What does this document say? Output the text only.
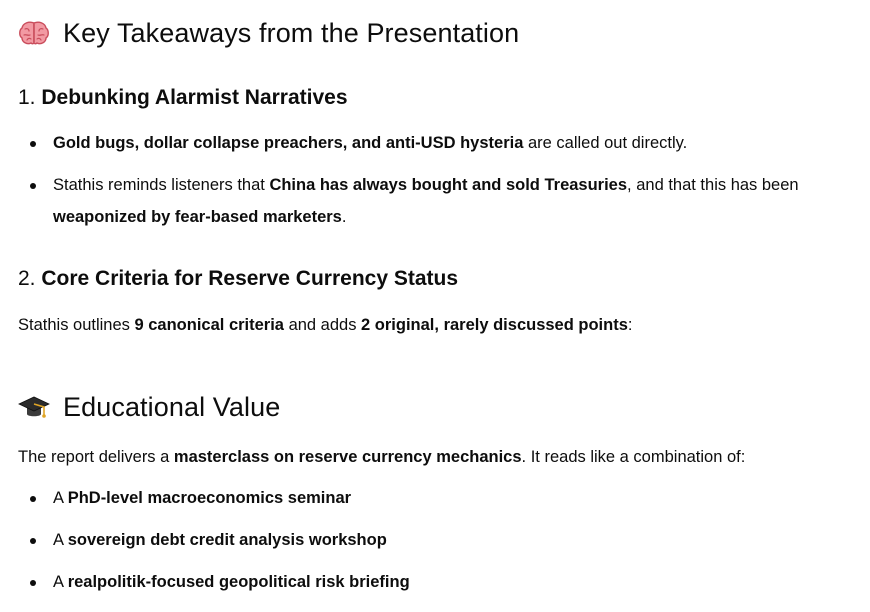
Key Takeaways from the Presentation
1. Debunking Alarmist Narratives
Gold bugs, dollar collapse preachers, and anti-USD hysteria are called out directly.
Stathis reminds listeners that China has always bought and sold Treasuries, and that this has been weaponized by fear-based marketers.
2. Core Criteria for Reserve Currency Status

Stathis outlines 9 canonical criteria and adds 2 original, rarely discussed points:

Educational Value

The report delivers a masterclass on reserve currency mechanics. It reads like a combination of:

A PhD-level macroeconomics seminar
A sovereign debt credit analysis workshop
A realpolitik-focused geopolitical risk briefing
